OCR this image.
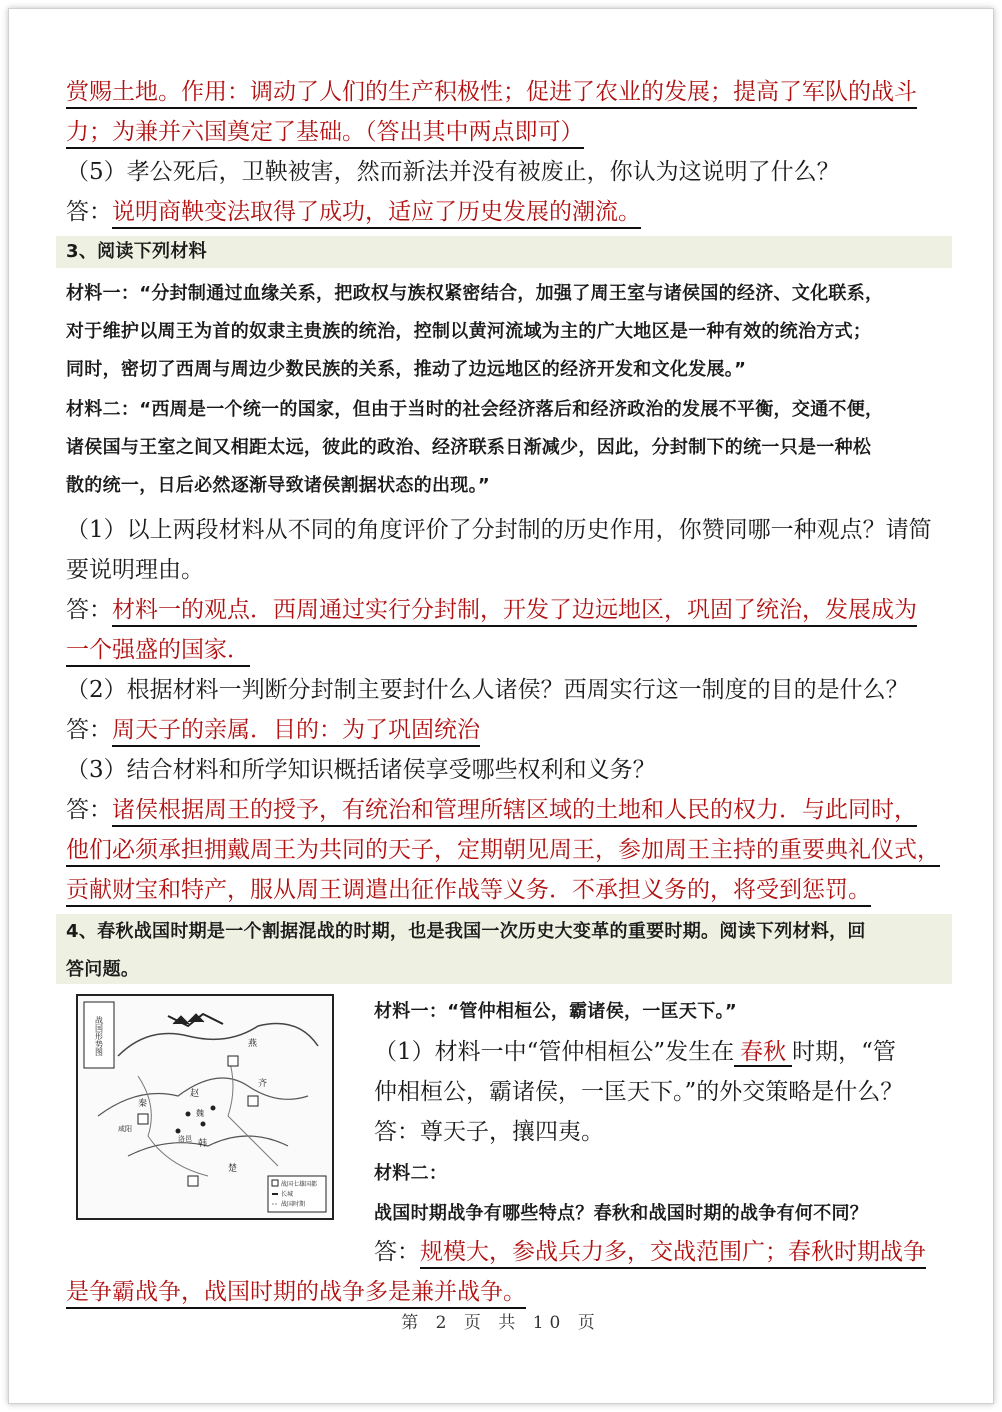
赏赐土地。作用：调动了人们的生产积极性；促进了农业的发展；提高了军队的战斗
力；为兼并六国奠定了基础。（答出其中两点即可）
（5）孝公死后，卫鞅被害，然而新法并没有被废止，你认为这说明了什么？
答：说明商鞅变法取得了成功，适应了历史发展的潮流。
3、阅读下列材料
材料一：“分封制通过血缘关系，把政权与族权紧密结合，加强了周王室与诸侯国的经济、文化联系，
对于维护以周王为首的奴隶主贵族的统治，控制以黄河流域为主的广大地区是一种有效的统治方式；
同时，密切了西周与周边少数民族的关系，推动了边远地区的经济开发和文化发展。”
材料二：“西周是一个统一的国家，但由于当时的社会经济落后和经济政治的发展不平衡，交通不便，
诸侯国与王室之间又相距太远，彼此的政治、经济联系日渐减少，因此，分封制下的统一只是一种松
散的统一，日后必然逐渐导致诸侯割据状态的出现。”
（1）以上两段材料从不同的角度评价了分封制的历史作用，你赞同哪一种观点？请简
要说明理由。
答：材料一的观点．西周通过实行分封制，开发了边远地区，巩固了统治，发展成为
一个强盛的国家．
（2）根据材料一判断分封制主要封什么人诸侯？西周实行这一制度的目的是什么？
答：周天子的亲属．目的：为了巩固统治
（3）结合材料和所学知识概括诸侯享受哪些权利和义务？
答：诸侯根据周王的授予，有统治和管理所辖区域的土地和人民的权力．与此同时，
他们必须承担拥戴周王为共同的天子，定期朝见周王，参加周王主持的重要典礼仪式，
贡献财宝和特产，服从周王调遣出征作战等义务．不承担义务的，将受到惩罚。
4、春秋战国时期是一个割据混战的时期，也是我国一次历史大变革的重要时期。阅读下列材料，回
答问题。
战国形势图
赵
魏
韩
楚
秦
齐
燕
咸阳
洛邑
战国七雄国都
长城
战国时期
材料一：“管仲相桓公，霸诸侯，一匡天下。”
（1）材料一中“管仲相桓公”发生在 春秋 时期，“管
仲相桓公，霸诸侯，一匡天下。”的外交策略是什么？
答：尊天子，攘四夷。
材料二：
战国时期战争有哪些特点？春秋和战国时期的战争有何不同？
答：规模大，参战兵力多，交战范围广；春秋时期战争
是争霸战争，战国时期的战争多是兼并战争。
第 2 页 共 10 页
